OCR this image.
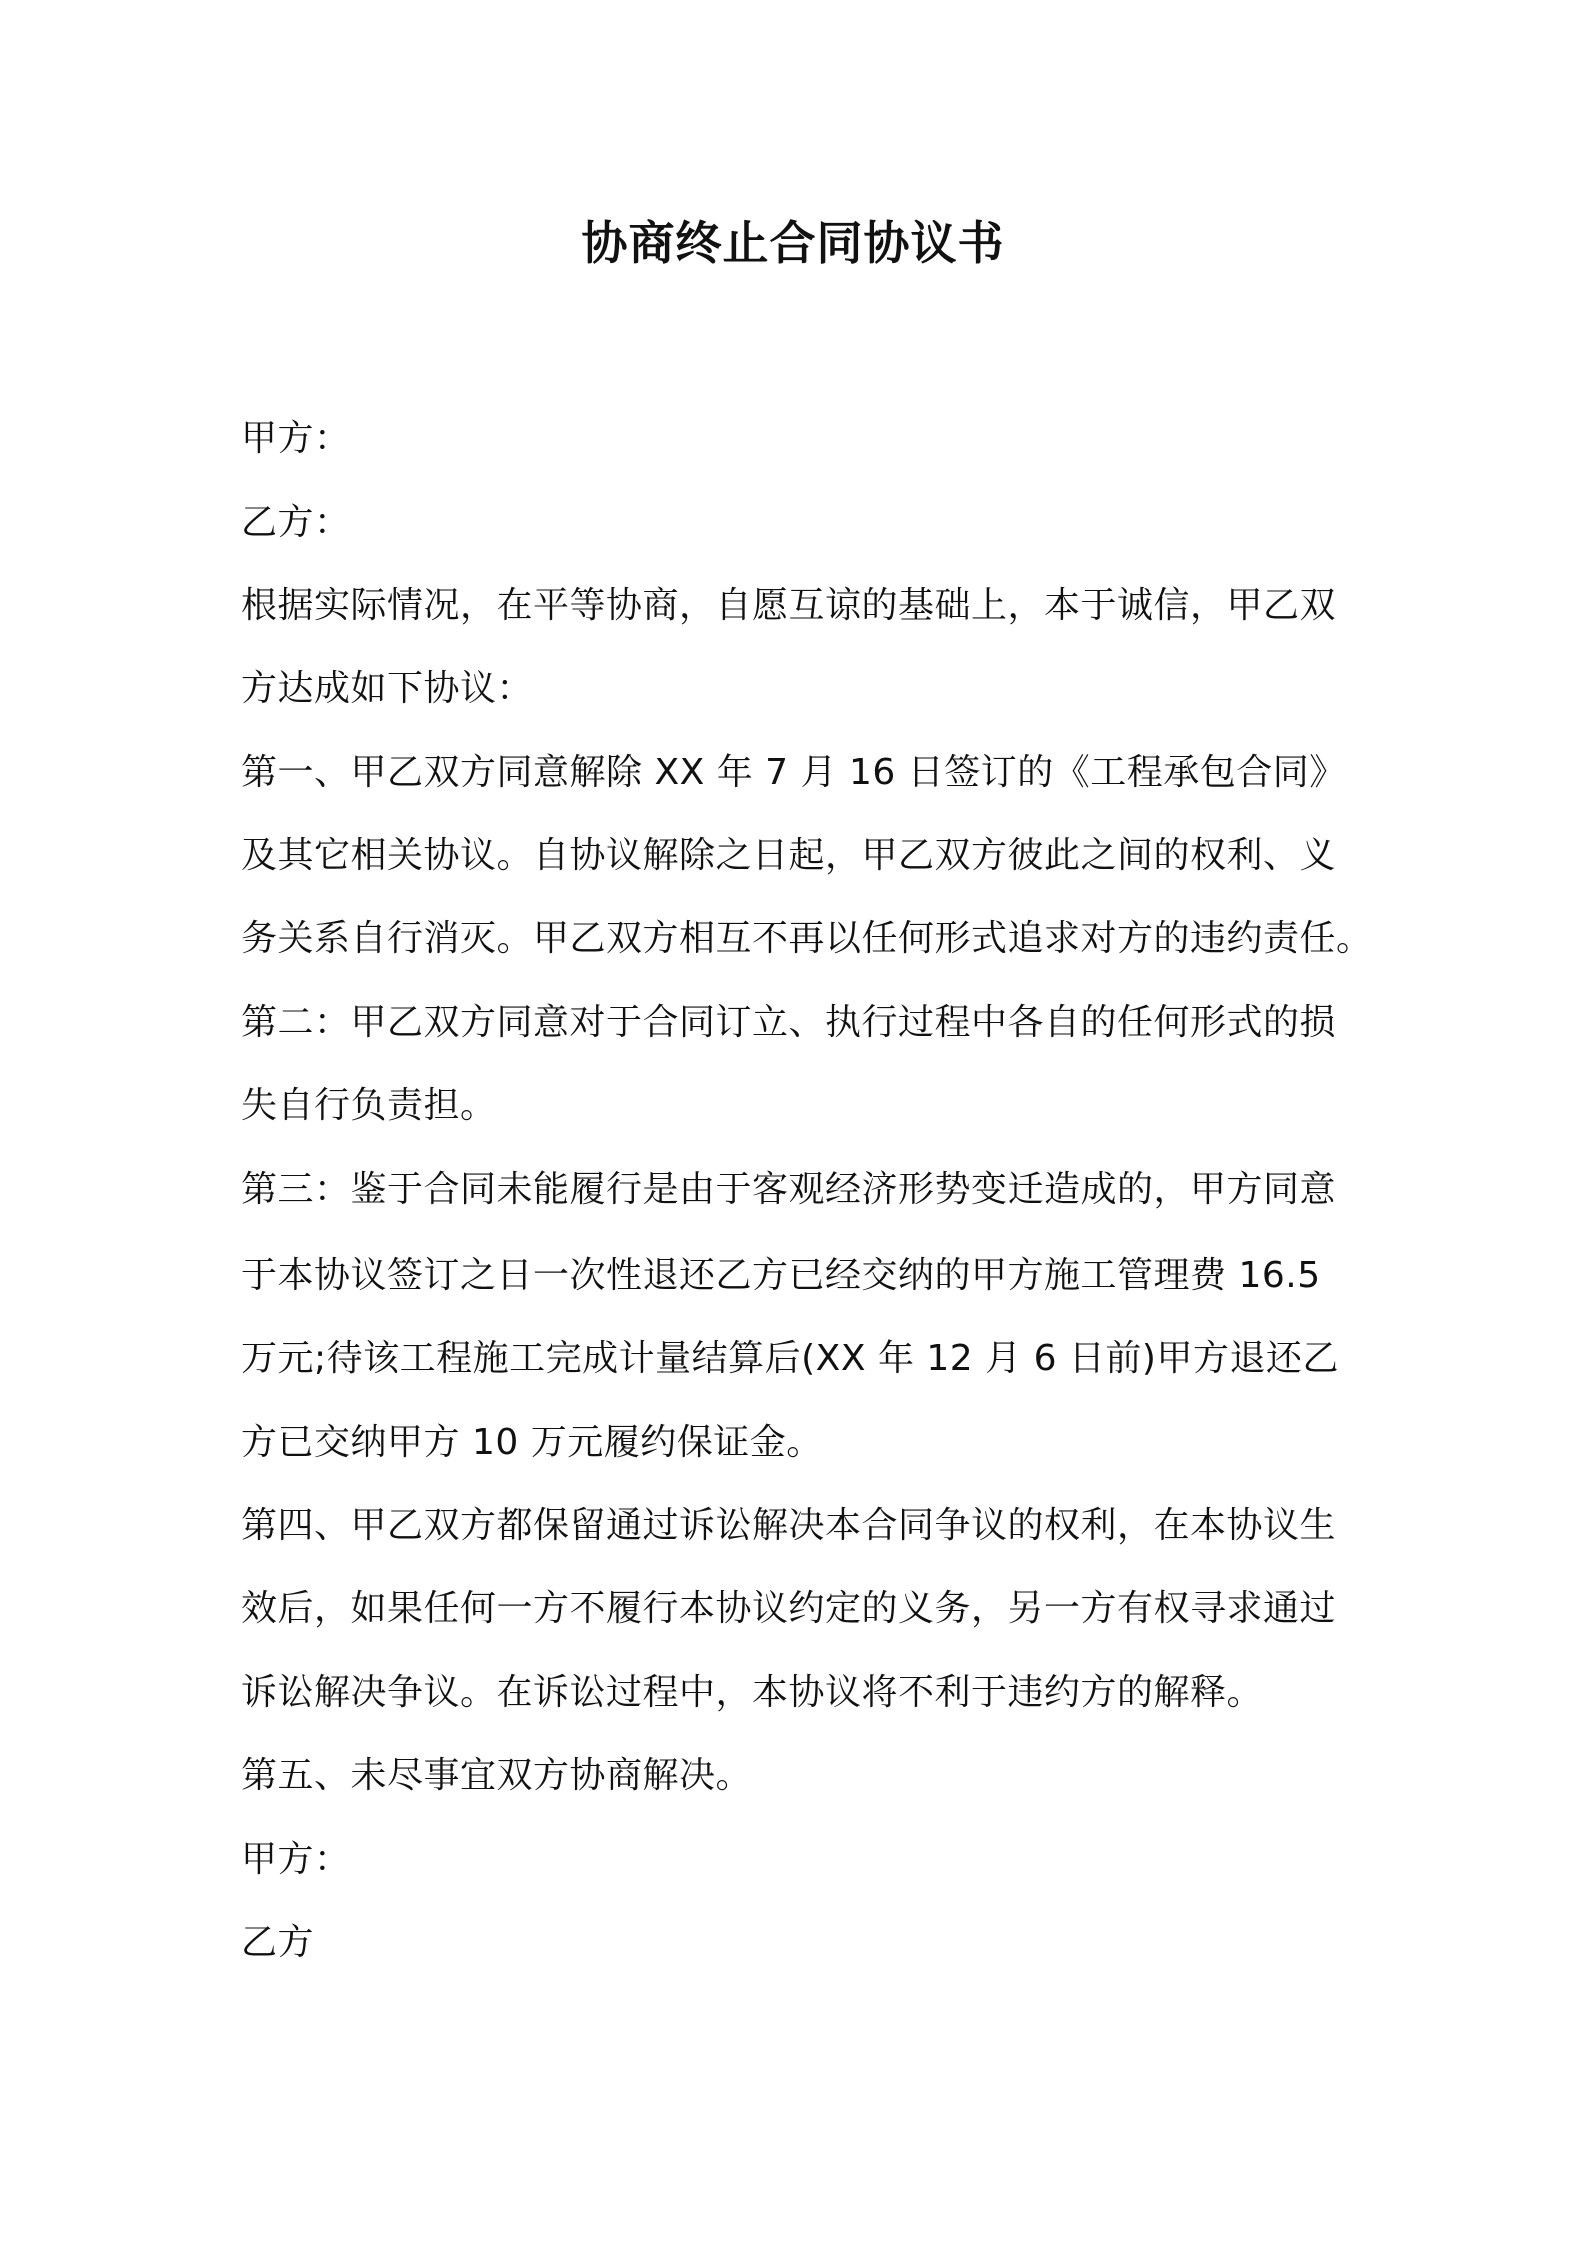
协商终止合同协议书

甲方：

乙方：

根据实际情况，在平等协商，自愿互谅的基础上，本于诚信，甲乙双

方达成如下协议：

第一、甲乙双方同意解除 XX 年 7 月 16 日签订的《工程承包合同》

及其它相关协议。自协议解除之日起，甲乙双方彼此之间的权利、义

务关系自行消灭。甲乙双方相互不再以任何形式追求对方的违约责任。

第二：甲乙双方同意对于合同订立、执行过程中各自的任何形式的损

失自行负责担。

第三：鉴于合同未能履行是由于客观经济形势变迁造成的，甲方同意

于本协议签订之日一次性退还乙方已经交纳的甲方施工管理费 16.5

万元;待该工程施工完成计量结算后(XX 年 12 月 6 日前)甲方退还乙

方已交纳甲方 10 万元履约保证金。

第四、甲乙双方都保留通过诉讼解决本合同争议的权利，在本协议生

效后，如果任何一方不履行本协议约定的义务，另一方有权寻求通过

诉讼解决争议。在诉讼过程中，本协议将不利于违约方的解释。

第五、未尽事宜双方协商解决。

甲方：

乙方
